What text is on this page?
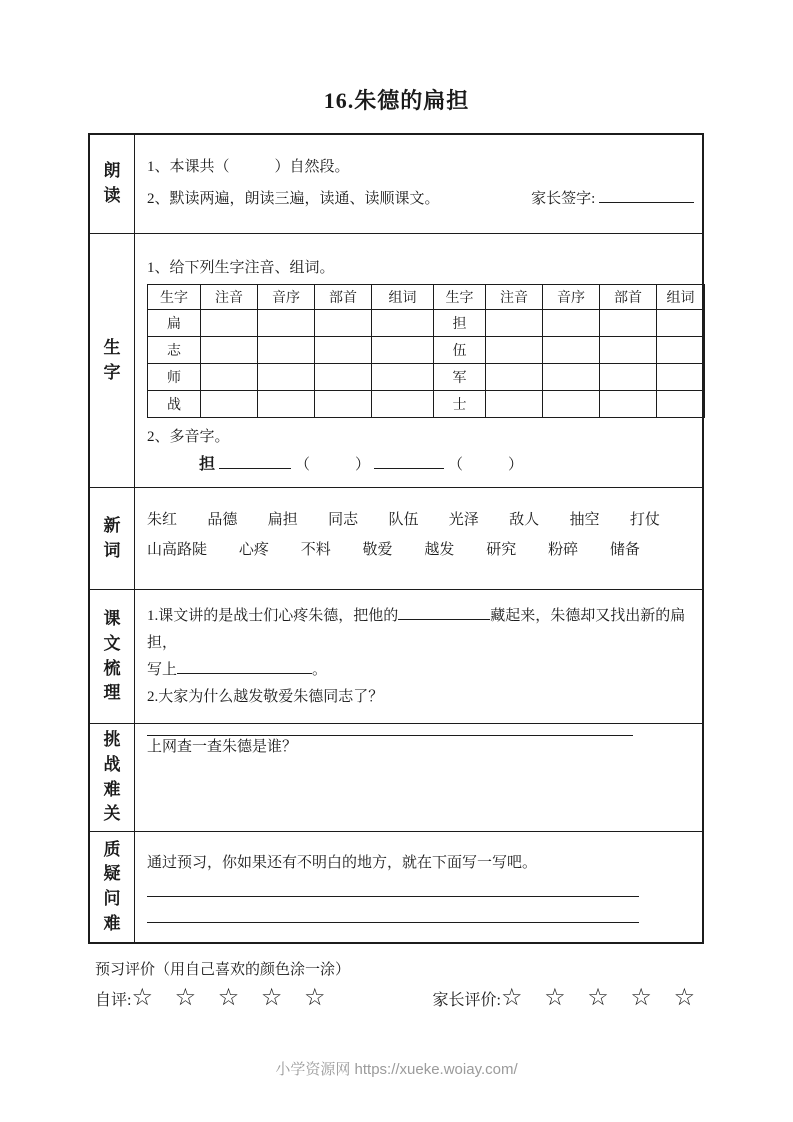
16.朱德的扁担
朗读
1、本课共（　　　）自然段。
2、默读两遍，朗读三遍，读通、读顺课文。	家长签字:
生字
1、给下列生字注音、组词。
生字	注音	音序	部首	组词	生字	注音	音序	部首	组词
扁					担				
志					伍				
师					军				
战					士				
2、多音字。
担	（　　　）	（　　　）
新词
朱红 品德 扁担 同志 队伍 光泽 敌人 抽空 打仗
山高路陡 心疼 不料 敬爱 越发 研究 粉碎 储备
课文梳理
1.课文讲的是战士们心疼朱德，把他的	藏起来，朱德却又找出新的扁担，
写上	。
2.大家为什么越发敬爱朱德同志了？
挑战难关
上网查一查朱德是谁？
质疑问难
通过预习，你如果还有不明白的地方，就在下面写一写吧。
预习评价（用自己喜欢的颜色涂一涂）
自评: ☆ ☆ ☆ ☆ ☆	家长评价: ☆ ☆ ☆ ☆ ☆
小学资源网 https://xueke.woiay.com/
